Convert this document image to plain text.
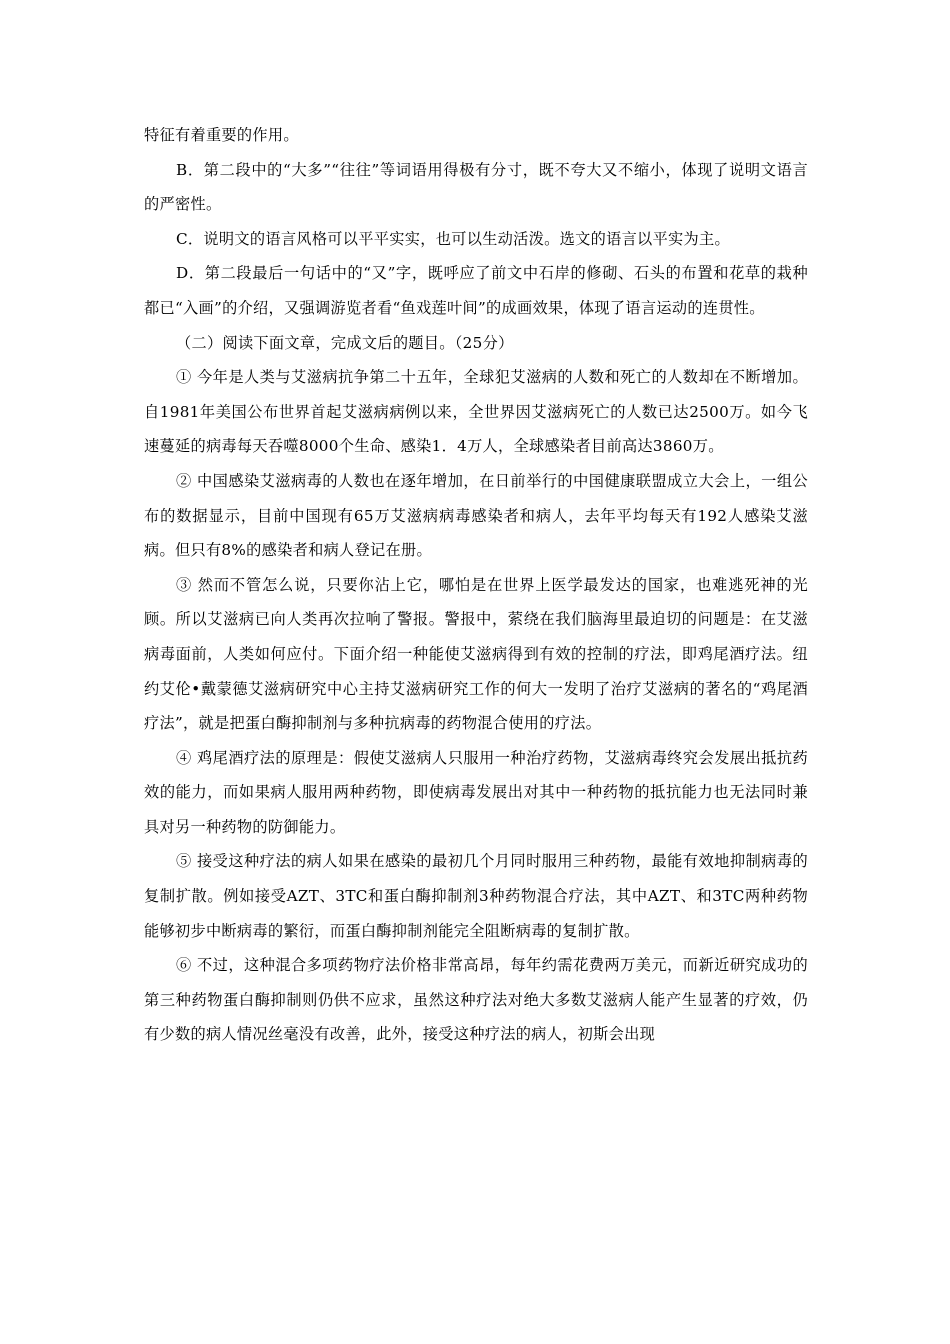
特征有着重要的作用。

B．第二段中的“大多”“往往”等词语用得极有分寸，既不夸大又不缩小，体现了说明文语言的严密性。

C．说明文的语言风格可以平平实实，也可以生动活泼。选文的语言以平实为主。

D．第二段最后一句话中的“又”字，既呼应了前文中石岸的修砌、石头的布置和花草的栽种都已“入画”的介绍，又强调游览者看“鱼戏莲叶间”的成画效果，体现了语言运动的连贯性。

（二）阅读下面文章，完成文后的题目。（25分）

① 今年是人类与艾滋病抗争第二十五年，全球犯艾滋病的人数和死亡的人数却在不断增加。自1981年美国公布世界首起艾滋病病例以来，全世界因艾滋病死亡的人数已达2500万。如今飞速蔓延的病毒每天吞噬8000个生命、感染1．4万人，全球感染者目前高达3860万。

② 中国感染艾滋病毒的人数也在逐年增加，在日前举行的中国健康联盟成立大会上，一组公布的数据显示，目前中国现有65万艾滋病病毒感染者和病人，去年平均每天有192人感染艾滋病。但只有8%的感染者和病人登记在册。

③ 然而不管怎么说，只要你沾上它，哪怕是在世界上医学最发达的国家，也难逃死神的光顾。所以艾滋病已向人类再次拉响了警报。警报中，萦绕在我们脑海里最迫切的问题是：在艾滋病毒面前，人类如何应付。下面介绍一种能使艾滋病得到有效的控制的疗法，即鸡尾酒疗法。纽约艾伦•戴蒙德艾滋病研究中心主持艾滋病研究工作的何大一发明了治疗艾滋病的著名的“鸡尾酒疗法”，就是把蛋白酶抑制剂与多种抗病毒的药物混合使用的疗法。

④ 鸡尾酒疗法的原理是：假使艾滋病人只服用一种治疗药物，艾滋病毒终究会发展出抵抗药效的能力，而如果病人服用两种药物，即使病毒发展出对其中一种药物的抵抗能力也无法同时兼具对另一种药物的防御能力。

⑤ 接受这种疗法的病人如果在感染的最初几个月同时服用三种药物，最能有效地抑制病毒的复制扩散。例如接受AZT、3TC和蛋白酶抑制剂3种药物混合疗法，其中AZT、和3TC两种药物能够初步中断病毒的繁衍，而蛋白酶抑制剂能完全阻断病毒的复制扩散。

⑥ 不过，这种混合多项药物疗法价格非常高昂，每年约需花费两万美元，而新近研究成功的第三种药物蛋白酶抑制则仍供不应求，虽然这种疗法对绝大多数艾滋病人能产生显著的疗效，仍有少数的病人情况丝毫没有改善，此外，接受这种疗法的病人，初斯会出现
